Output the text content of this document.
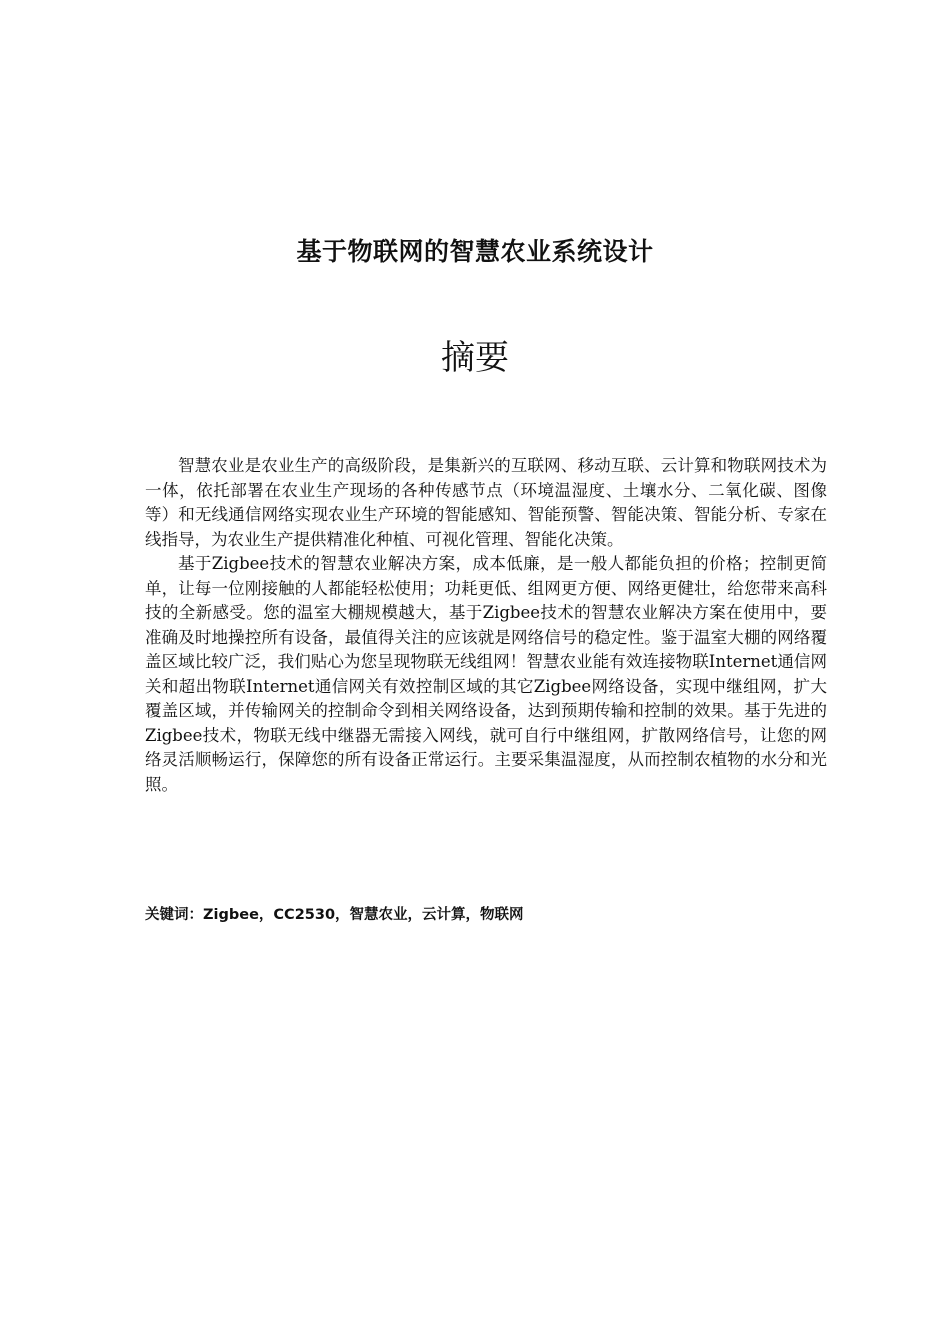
基于物联网的智慧农业系统设计
摘要

智慧农业是农业生产的高级阶段，是集新兴的互联网、移动互联、云计算和物联网技术为一体，依托部署在农业生产现场的各种传感节点（环境温湿度、土壤水分、二氧化碳、图像等）和无线通信网络实现农业生产环境的智能感知、智能预警、智能决策、智能分析、专家在线指导，为农业生产提供精准化种植、可视化管理、智能化决策。

基于Zigbee技术的智慧农业解决方案，成本低廉，是一般人都能负担的价格；控制更简单，让每一位刚接触的人都能轻松使用；功耗更低、组网更方便、网络更健壮，给您带来高科技的全新感受。您的温室大棚规模越大，基于Zigbee技术的智慧农业解决方案在使用中，要准确及时地操控所有设备，最值得关注的应该就是网络信号的稳定性。鉴于温室大棚的网络覆盖区域比较广泛，我们贴心为您呈现物联无线组网！智慧农业能有效连接物联Internet通信网关和超出物联Internet通信网关有效控制区域的其它Zigbee网络设备，实现中继组网，扩大覆盖区域，并传输网关的控制命令到相关网络设备，达到预期传输和控制的效果。基于先进的Zigbee技术，物联无线中继器无需接入网线，就可自行中继组网，扩散网络信号，让您的网络灵活顺畅运行，保障您的所有设备正常运行。主要采集温湿度，从而控制农植物的水分和光照。

关键词：Zigbee，CC2530，智慧农业，云计算，物联网
